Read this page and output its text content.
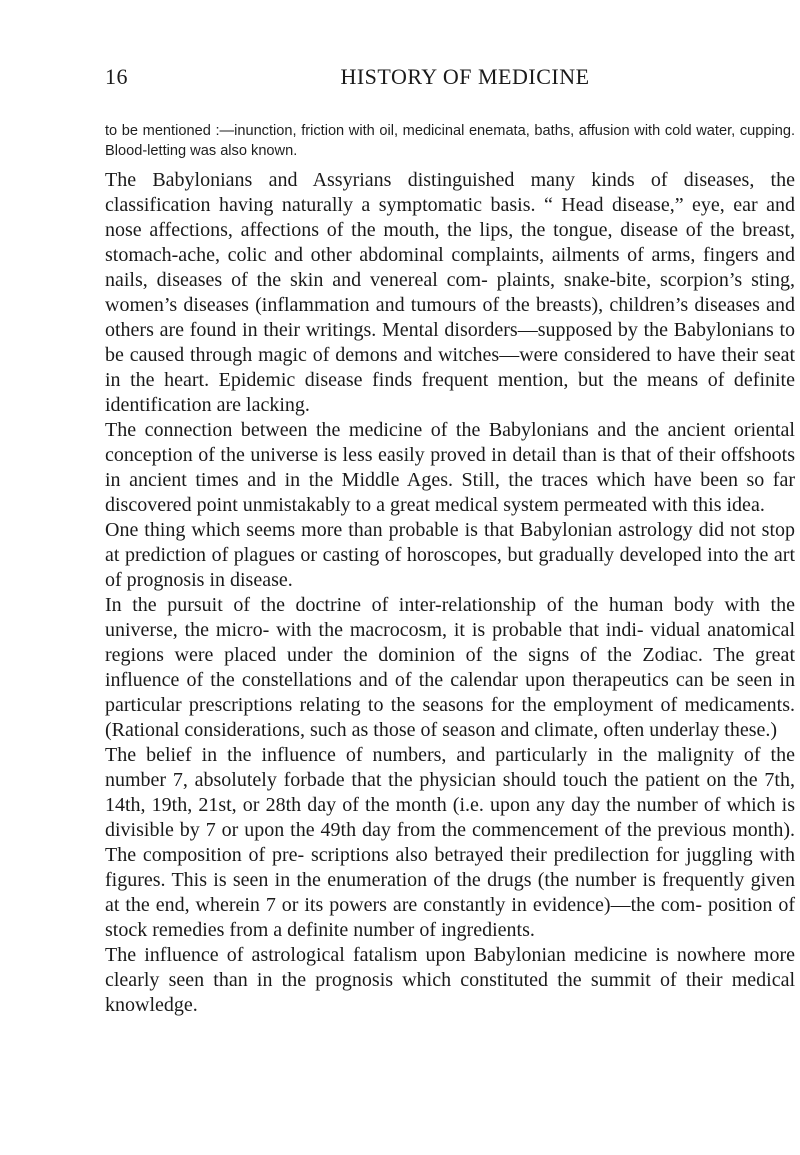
16	HISTORY OF MEDICINE
to be mentioned :—inunction, friction with oil, medicinal enemata, baths, affusion with cold water, cupping. Blood-letting was also known.

The Babylonians and Assyrians distinguished many kinds of diseases, the classification having naturally a symptomatic basis. “ Head disease,” eye, ear and nose affections, affections of the mouth, the lips, the tongue, disease of the breast, stomach-ache, colic and other abdominal complaints, ailments of arms, fingers and nails, diseases of the skin and venereal com- plaints, snake-bite, scorpion’s sting, women’s diseases (inflammation and tumours of the breasts), children’s diseases and others are found in their writings. Mental disorders—supposed by the Babylonians to be caused through magic of demons and witches—were considered to have their seat in the heart. Epidemic disease finds frequent mention, but the means of definite identification are lacking.

The connection between the medicine of the Babylonians and the ancient oriental conception of the universe is less easily proved in detail than is that of their offshoots in ancient times and in the Middle Ages. Still, the traces which have been so far discovered point unmistakably to a great medical system permeated with this idea.

One thing which seems more than probable is that Babylonian astrology did not stop at prediction of plagues or casting of horoscopes, but gradually developed into the art of prognosis in disease.

In the pursuit of the doctrine of inter-relationship of the human body with the universe, the micro- with the macrocosm, it is probable that indi- vidual anatomical regions were placed under the dominion of the signs of the Zodiac. The great influence of the constellations and of the calendar upon therapeutics can be seen in particular prescriptions relating to the seasons for the employment of medicaments. (Rational considerations, such as those of season and climate, often underlay these.)

The belief in the influence of numbers, and particularly in the malignity of the number 7, absolutely forbade that the physician should touch the patient on the 7th, 14th, 19th, 21st, or 28th day of the month (i.e. upon any day the number of which is divisible by 7 or upon the 49th day from the commencement of the previous month). The composition of pre- scriptions also betrayed their predilection for juggling with figures. This is seen in the enumeration of the drugs (the number is frequently given at the end, wherein 7 or its powers are constantly in evidence)—the com- position of stock remedies from a definite number of ingredients.

The influence of astrological fatalism upon Babylonian medicine is nowhere more clearly seen than in the prognosis which constituted the summit of their medical knowledge.
